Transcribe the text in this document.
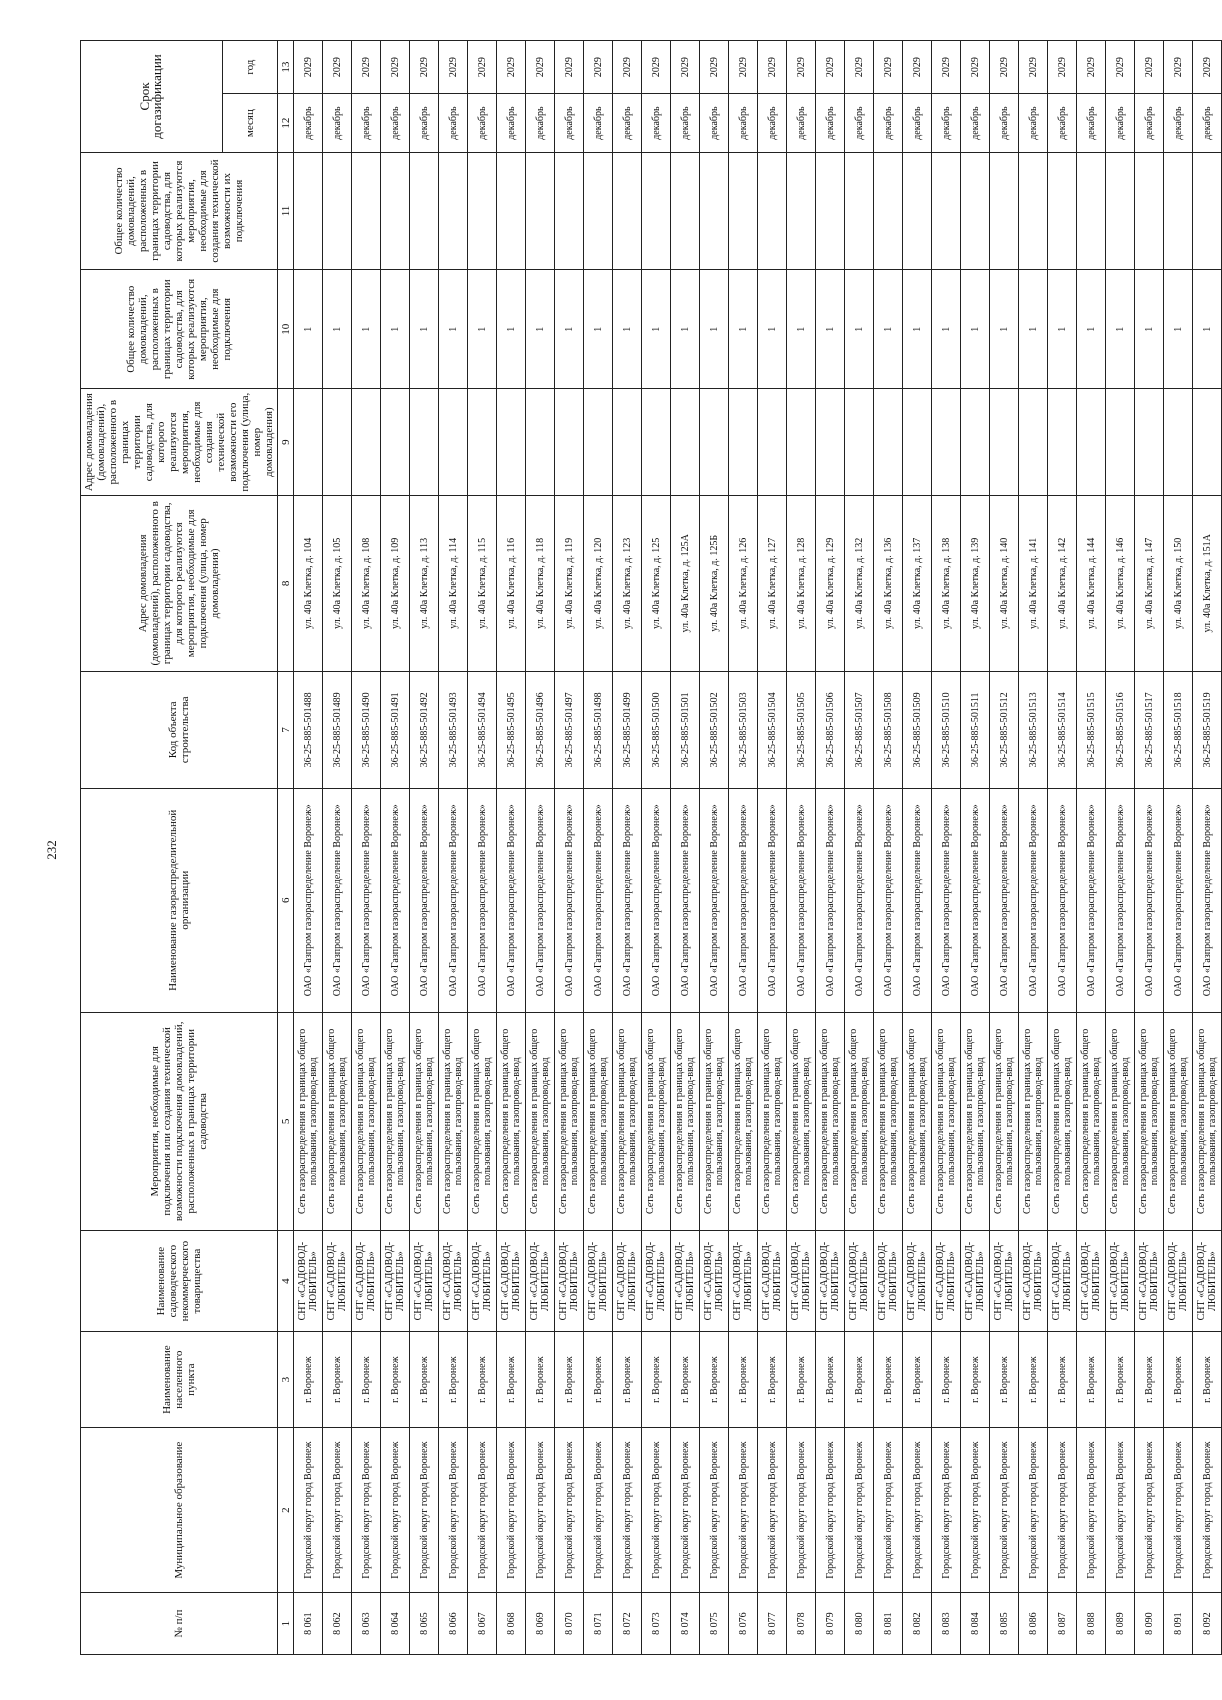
232
№ п/п	Муниципальное образование	Наименование населенного пункта	Наименование садоводческого некоммерческого товарищества	Мероприятия, необходимые для подключения или создания технической возможности подключения домовладений, расположенных в границах территории садоводства	Наименование газораспределительной организации	Код объекта строительства	Адрес домовладения (домовладений), расположенного в границах территории садоводства, для которого реализуются мероприятия, необходимые для подключения (улица, номер домовладения)	Адрес домовладения (домовладений), расположенного в границах территории садоводства, для которого реализуются мероприятия, необходимые для создания технической возможности его подключения (улица, номер домовладения)	Общее количество домовладений, расположенных в границах территории садоводства, для которых реализуются мероприятия, необходимые для подключения	Общее количество домовладений, расположенных в границах территории садоводства, для которых реализуются мероприятия, необходимые для создания технической возможности их подключения	Срок догазификации	
											месяц	год
1	2	3	4	5	6	7	8	9	10	11	12	13
8 061	Городской округ город Воронеж	г. Воронеж	СНТ «САДОВОД-ЛЮБИТЕЛЬ»	Сеть газораспределения в границах общего пользования, газопровод-ввод	ОАО «Газпром газораспределение Воронеж»	36-25-885-501488	ул. 40а Клетка, д. 104		1		декабрь	2029
8 062	Городской округ город Воронеж	г. Воронеж	СНТ «САДОВОД-ЛЮБИТЕЛЬ»	Сеть газораспределения в границах общего пользования, газопровод-ввод	ОАО «Газпром газораспределение Воронеж»	36-25-885-501489	ул. 40а Клетка, д. 105		1		декабрь	2029
8 063	Городской округ город Воронеж	г. Воронеж	СНТ «САДОВОД-ЛЮБИТЕЛЬ»	Сеть газораспределения в границах общего пользования, газопровод-ввод	ОАО «Газпром газораспределение Воронеж»	36-25-885-501490	ул. 40а Клетка, д. 108		1		декабрь	2029
8 064	Городской округ город Воронеж	г. Воронеж	СНТ «САДОВОД-ЛЮБИТЕЛЬ»	Сеть газораспределения в границах общего пользования, газопровод-ввод	ОАО «Газпром газораспределение Воронеж»	36-25-885-501491	ул. 40а Клетка, д. 109		1		декабрь	2029
8 065	Городской округ город Воронеж	г. Воронеж	СНТ «САДОВОД-ЛЮБИТЕЛЬ»	Сеть газораспределения в границах общего пользования, газопровод-ввод	ОАО «Газпром газораспределение Воронеж»	36-25-885-501492	ул. 40а Клетка, д. 113		1		декабрь	2029
8 066	Городской округ город Воронеж	г. Воронеж	СНТ «САДОВОД-ЛЮБИТЕЛЬ»	Сеть газораспределения в границах общего пользования, газопровод-ввод	ОАО «Газпром газораспределение Воронеж»	36-25-885-501493	ул. 40а Клетка, д. 114		1		декабрь	2029
8 067	Городской округ город Воронеж	г. Воронеж	СНТ «САДОВОД-ЛЮБИТЕЛЬ»	Сеть газораспределения в границах общего пользования, газопровод-ввод	ОАО «Газпром газораспределение Воронеж»	36-25-885-501494	ул. 40а Клетка, д. 115		1		декабрь	2029
8 068	Городской округ город Воронеж	г. Воронеж	СНТ «САДОВОД-ЛЮБИТЕЛЬ»	Сеть газораспределения в границах общего пользования, газопровод-ввод	ОАО «Газпром газораспределение Воронеж»	36-25-885-501495	ул. 40а Клетка, д. 116		1		декабрь	2029
8 069	Городской округ город Воронеж	г. Воронеж	СНТ «САДОВОД-ЛЮБИТЕЛЬ»	Сеть газораспределения в границах общего пользования, газопровод-ввод	ОАО «Газпром газораспределение Воронеж»	36-25-885-501496	ул. 40а Клетка, д. 118		1		декабрь	2029
8 070	Городской округ город Воронеж	г. Воронеж	СНТ «САДОВОД-ЛЮБИТЕЛЬ»	Сеть газораспределения в границах общего пользования, газопровод-ввод	ОАО «Газпром газораспределение Воронеж»	36-25-885-501497	ул. 40а Клетка, д. 119		1		декабрь	2029
8 071	Городской округ город Воронеж	г. Воронеж	СНТ «САДОВОД-ЛЮБИТЕЛЬ»	Сеть газораспределения в границах общего пользования, газопровод-ввод	ОАО «Газпром газораспределение Воронеж»	36-25-885-501498	ул. 40а Клетка, д. 120		1		декабрь	2029
8 072	Городской округ город Воронеж	г. Воронеж	СНТ «САДОВОД-ЛЮБИТЕЛЬ»	Сеть газораспределения в границах общего пользования, газопровод-ввод	ОАО «Газпром газораспределение Воронеж»	36-25-885-501499	ул. 40а Клетка, д. 123		1		декабрь	2029
8 073	Городской округ город Воронеж	г. Воронеж	СНТ «САДОВОД-ЛЮБИТЕЛЬ»	Сеть газораспределения в границах общего пользования, газопровод-ввод	ОАО «Газпром газораспределение Воронеж»	36-25-885-501500	ул. 40а Клетка, д. 125		1		декабрь	2029
8 074	Городской округ город Воронеж	г. Воронеж	СНТ «САДОВОД-ЛЮБИТЕЛЬ»	Сеть газораспределения в границах общего пользования, газопровод-ввод	ОАО «Газпром газораспределение Воронеж»	36-25-885-501501	ул. 40а Клетка, д. 125А		1		декабрь	2029
8 075	Городской округ город Воронеж	г. Воронеж	СНТ «САДОВОД-ЛЮБИТЕЛЬ»	Сеть газораспределения в границах общего пользования, газопровод-ввод	ОАО «Газпром газораспределение Воронеж»	36-25-885-501502	ул. 40а Клетка, д. 125Б		1		декабрь	2029
8 076	Городской округ город Воронеж	г. Воронеж	СНТ «САДОВОД-ЛЮБИТЕЛЬ»	Сеть газораспределения в границах общего пользования, газопровод-ввод	ОАО «Газпром газораспределение Воронеж»	36-25-885-501503	ул. 40а Клетка, д. 126		1		декабрь	2029
8 077	Городской округ город Воронеж	г. Воронеж	СНТ «САДОВОД-ЛЮБИТЕЛЬ»	Сеть газораспределения в границах общего пользования, газопровод-ввод	ОАО «Газпром газораспределение Воронеж»	36-25-885-501504	ул. 40а Клетка, д. 127		1		декабрь	2029
8 078	Городской округ город Воронеж	г. Воронеж	СНТ «САДОВОД-ЛЮБИТЕЛЬ»	Сеть газораспределения в границах общего пользования, газопровод-ввод	ОАО «Газпром газораспределение Воронеж»	36-25-885-501505	ул. 40а Клетка, д. 128		1		декабрь	2029
8 079	Городской округ город Воронеж	г. Воронеж	СНТ «САДОВОД-ЛЮБИТЕЛЬ»	Сеть газораспределения в границах общего пользования, газопровод-ввод	ОАО «Газпром газораспределение Воронеж»	36-25-885-501506	ул. 40а Клетка, д. 129		1		декабрь	2029
8 080	Городской округ город Воронеж	г. Воронеж	СНТ «САДОВОД-ЛЮБИТЕЛЬ»	Сеть газораспределения в границах общего пользования, газопровод-ввод	ОАО «Газпром газораспределение Воронеж»	36-25-885-501507	ул. 40а Клетка, д. 132		1		декабрь	2029
8 081	Городской округ город Воронеж	г. Воронеж	СНТ «САДОВОД-ЛЮБИТЕЛЬ»	Сеть газораспределения в границах общего пользования, газопровод-ввод	ОАО «Газпром газораспределение Воронеж»	36-25-885-501508	ул. 40а Клетка, д. 136		1		декабрь	2029
8 082	Городской округ город Воронеж	г. Воронеж	СНТ «САДОВОД-ЛЮБИТЕЛЬ»	Сеть газораспределения в границах общего пользования, газопровод-ввод	ОАО «Газпром газораспределение Воронеж»	36-25-885-501509	ул. 40а Клетка, д. 137		1		декабрь	2029
8 083	Городской округ город Воронеж	г. Воронеж	СНТ «САДОВОД-ЛЮБИТЕЛЬ»	Сеть газораспределения в границах общего пользования, газопровод-ввод	ОАО «Газпром газораспределение Воронеж»	36-25-885-501510	ул. 40а Клетка, д. 138		1		декабрь	2029
8 084	Городской округ город Воронеж	г. Воронеж	СНТ «САДОВОД-ЛЮБИТЕЛЬ»	Сеть газораспределения в границах общего пользования, газопровод-ввод	ОАО «Газпром газораспределение Воронеж»	36-25-885-501511	ул. 40а Клетка, д. 139		1		декабрь	2029
8 085	Городской округ город Воронеж	г. Воронеж	СНТ «САДОВОД-ЛЮБИТЕЛЬ»	Сеть газораспределения в границах общего пользования, газопровод-ввод	ОАО «Газпром газораспределение Воронеж»	36-25-885-501512	ул. 40а Клетка, д. 140		1		декабрь	2029
8 086	Городской округ город Воронеж	г. Воронеж	СНТ «САДОВОД-ЛЮБИТЕЛЬ»	Сеть газораспределения в границах общего пользования, газопровод-ввод	ОАО «Газпром газораспределение Воронеж»	36-25-885-501513	ул. 40а Клетка, д. 141		1		декабрь	2029
8 087	Городской округ город Воронеж	г. Воронеж	СНТ «САДОВОД-ЛЮБИТЕЛЬ»	Сеть газораспределения в границах общего пользования, газопровод-ввод	ОАО «Газпром газораспределение Воронеж»	36-25-885-501514	ул. 40а Клетка, д. 142		1		декабрь	2029
8 088	Городской округ город Воронеж	г. Воронеж	СНТ «САДОВОД-ЛЮБИТЕЛЬ»	Сеть газораспределения в границах общего пользования, газопровод-ввод	ОАО «Газпром газораспределение Воронеж»	36-25-885-501515	ул. 40а Клетка, д. 144		1		декабрь	2029
8 089	Городской округ город Воронеж	г. Воронеж	СНТ «САДОВОД-ЛЮБИТЕЛЬ»	Сеть газораспределения в границах общего пользования, газопровод-ввод	ОАО «Газпром газораспределение Воронеж»	36-25-885-501516	ул. 40а Клетка, д. 146		1		декабрь	2029
8 090	Городской округ город Воронеж	г. Воронеж	СНТ «САДОВОД-ЛЮБИТЕЛЬ»	Сеть газораспределения в границах общего пользования, газопровод-ввод	ОАО «Газпром газораспределение Воронеж»	36-25-885-501517	ул. 40а Клетка, д. 147		1		декабрь	2029
8 091	Городской округ город Воронеж	г. Воронеж	СНТ «САДОВОД-ЛЮБИТЕЛЬ»	Сеть газораспределения в границах общего пользования, газопровод-ввод	ОАО «Газпром газораспределение Воронеж»	36-25-885-501518	ул. 40а Клетка, д. 150		1		декабрь	2029
8 092	Городской округ город Воронеж	г. Воронеж	СНТ «САДОВОД-ЛЮБИТЕЛЬ»	Сеть газораспределения в границах общего пользования, газопровод-ввод	ОАО «Газпром газораспределение Воронеж»	36-25-885-501519	ул. 40а Клетка, д. 151А		1		декабрь	2029
